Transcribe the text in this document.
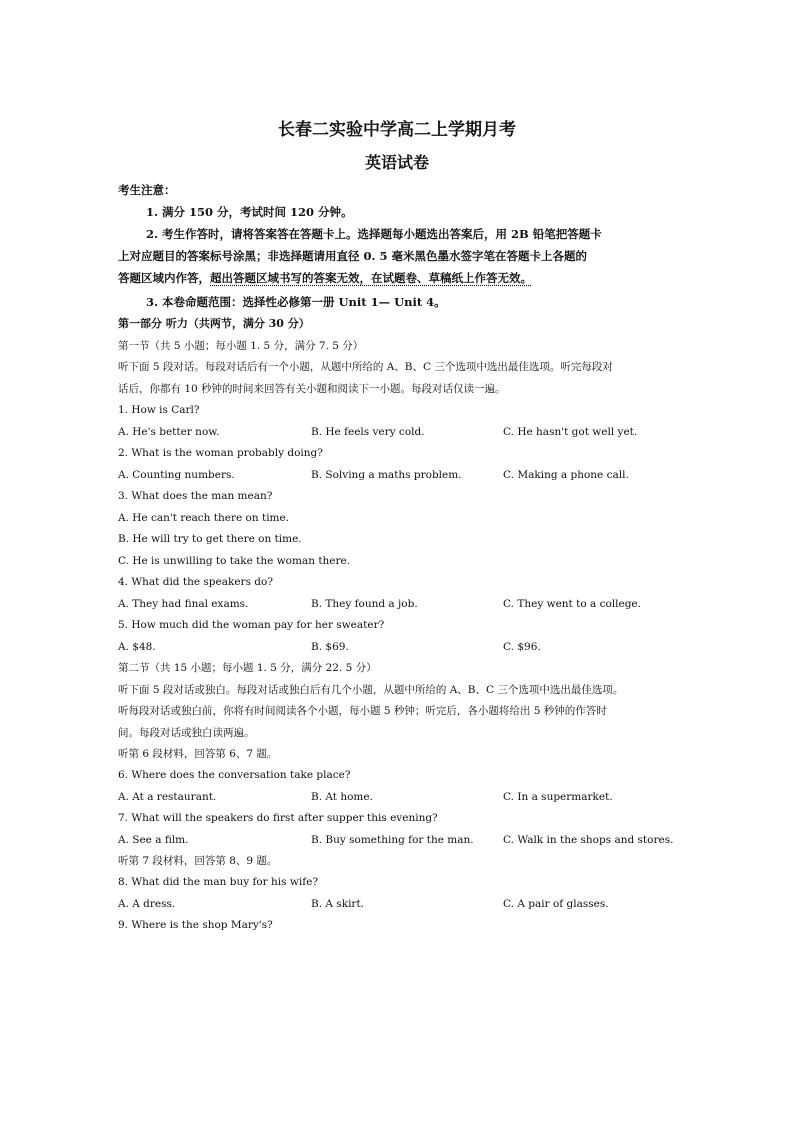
长春二实验中学高二上学期月考
英语试卷
考生注意：
1. 满分 150 分，考试时间 120 分钟。
2. 考生作答时，请将答案答在答题卡上。选择题每小题选出答案后，用 2B 铅笔把答题卡
上对应题目的答案标号涂黑；非选择题请用直径 0. 5 毫米黑色墨水签字笔在答题卡上各题的
答题区域内作答，超出答题区域书写的答案无效，在试题卷、草稿纸上作答无效。
3. 本卷命题范围：选择性必修第一册 Unit 1— Unit 4。
第一部分 听力（共两节，满分 30 分）
第一节（共 5 小题；每小题 1. 5 分，满分 7. 5 分）
听下面 5 段对话。每段对话后有一个小题，从题中所给的 A、B、C 三个选项中选出最佳选项。听完每段对
话后，你都有 10 秒钟的时间来回答有关小题和阅读下一小题。每段对话仅读一遍。
1. How is Carl?
A. He's better now.	B. He feels very cold.	C. He hasn't got well yet.
2. What is the woman probably doing?
A. Counting numbers.	B. Solving a maths problem.	C. Making a phone call.
3. What does the man mean?
A. He can't reach there on time.
B. He will try to get there on time.
C. He is unwilling to take the woman there.
4. What did the speakers do?
A. They had final exams.	B. They found a job.	C. They went to a college.
5. How much did the woman pay for her sweater?
A. $48.	B. $69.	C. $96.
第二节（共 15 小题；每小题 1. 5 分，满分 22. 5 分）
听下面 5 段对话或独白。每段对话或独白后有几个小题，从题中所给的 A、B、C 三个选项中选出最佳选项。
听每段对话或独白前，你将有时间阅读各个小题，每小题 5 秒钟；听完后，各小题将给出 5 秒钟的作答时
间。每段对话或独白读两遍。
听第 6 段材料，回答第 6、7 题。
6. Where does the conversation take place?
A. At a restaurant.	B. At home.	C. In a supermarket.
7. What will the speakers do first after supper this evening?
A. See a film.	B. Buy something for the man.	C. Walk in the shops and stores.
听第 7 段材料，回答第 8、9 题。
8. What did the man buy for his wife?
A. A dress.	B. A skirt.	C. A pair of glasses.
9. Where is the shop Mary's?
